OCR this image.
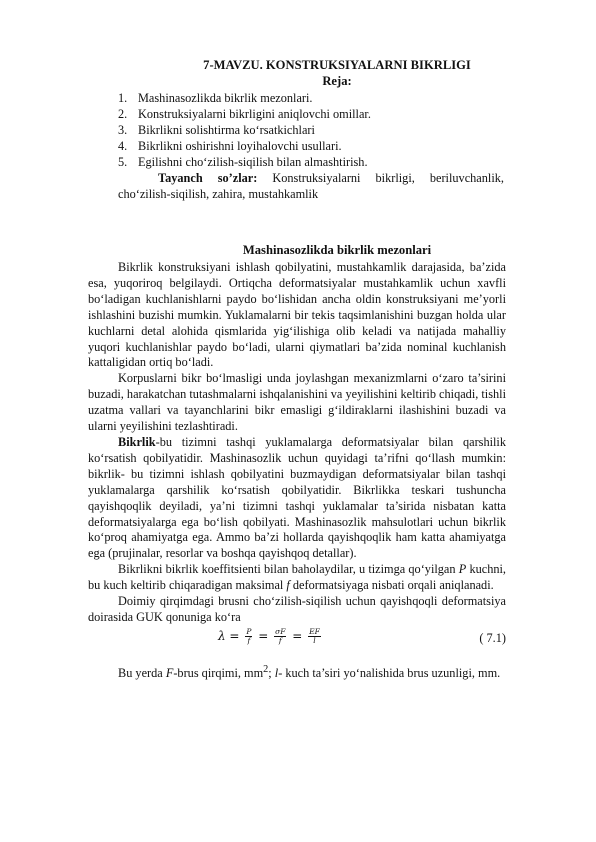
7-MAVZU. KONSTRUKSIYALARNI BIKRLIGI
Reja:
1. Mashinasozlikda bikrlik mezonlari.
2. Konstruksiyalarni bikrligini aniqlovchi omillar.
3. Bikrlikni solishtirma ko‘rsatkichlari
4. Bikrlikni oshirishni loyihalovchi usullari.
5. Egilishni cho‘zilish-siqilish bilan almashtirish.
Tayanch so’zlar: Konstruksiyalarni bikrligi, beriluvchanlik,
cho‘zilish-siqilish, zahira, mustahkamlik
Mashinasozlikda bikrlik mezonlari

Bikrlik konstruksiyani ishlash qobilyatini, mustahkamlik darajasida, ba’zida esa, yuqoriroq belgilaydi. Ortiqcha deformatsiyalar mustahkamlik uchun xavfli bo‘ladigan kuchlanishlarni paydo bo‘lishidan ancha oldin konstruksiyani me’yorli ishlashini buzishi mumkin. Yuklamalarni bir tekis taqsimlanishini buzgan holda ular kuchlarni detal alohida qismlarida yig‘ilishiga olib keladi va natijada mahalliy yuqori kuchlanishlar paydo bo‘ladi, ularni qiymatlari ba’zida nominal kuchlanish kattaligidan ortiq bo‘ladi.

Korpuslarni bikr bo‘lmasligi unda joylashgan mexanizmlarni o‘zaro ta’sirini buzadi, harakatchan tutashmalarni ishqalanishini va yeyilishini keltirib chiqadi, tishli uzatma vallari va tayanchlarini bikr emasligi g‘ildiraklarni ilashishini buzadi va ularni yeyilishini tezlashtiradi.

Bikrlik-bu tizimni tashqi yuklamalarga deformatsiyalar bilan qarshilik ko‘rsatish qobilyatidir. Mashinasozlik uchun quyidagi ta’rifni qo‘llash mumkin: bikrlik- bu tizimni ishlash qobilyatini buzmaydigan deformatsiyalar bilan tashqi yuklamalarga qarshilik ko‘rsatish qobilyatidir. Bikrlikka teskari tushuncha qayishqoqlik deyiladi, ya’ni tizimni tashqi yuklamalar ta’sirida nisbatan katta deformatsiyalarga ega bo‘lish qobilyati. Mashinasozlik mahsulotlari uchun bikrlik ko‘proq ahamiyatga ega. Ammo ba’zi hollarda qayishqoqlik ham katta ahamiyatga ega (prujinalar, resorlar va boshqa qayishqoq detallar).

Bikrlikni bikrlik koeffitsienti bilan baholaydilar, u tizimga qo‘yilgan P kuchni, bu kuch keltirib chiqaradigan maksimal f deformatsiyaga nisbati orqali aniqlanadi.

Doimiy qirqimdagi brusni cho‘zilish-siqilish uchun qayishqoqli deformatsiya doirasida GUK qonuniga ko‘ra

$\lambda = \frac{P}{f} = \frac{\sigma F}{f} = \frac{EF}{l}$	( 7.1)

Bu yerda F-brus qirqimi, $mm^2$; l- kuch ta’siri yo‘nalishida brus uzunligi, mm.
